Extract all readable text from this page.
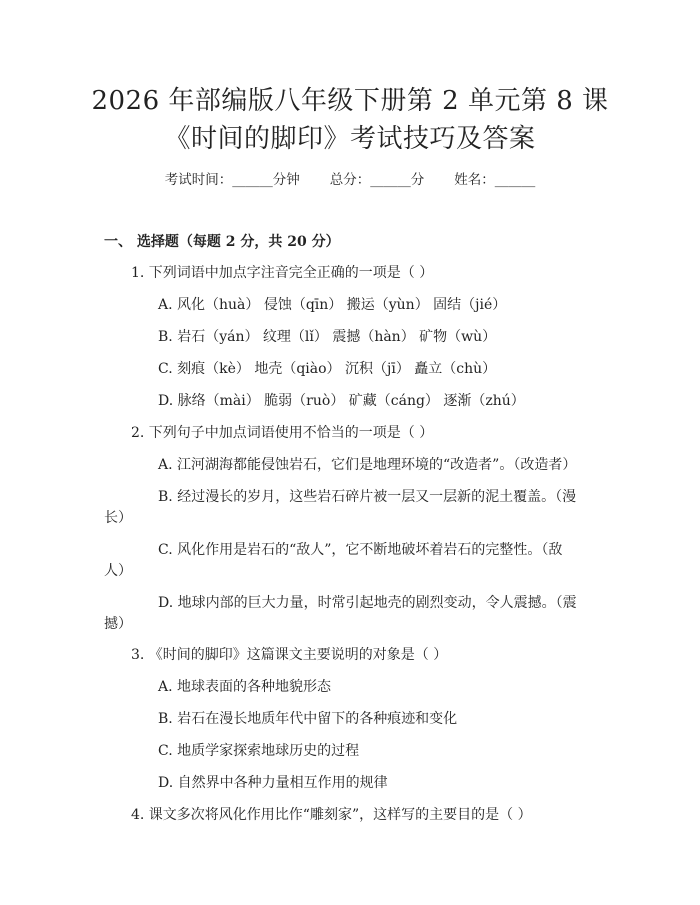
2026 年部编版八年级下册第 2 单元第 8 课
《时间的脚印》考试技巧及答案
考试时间：______分钟 总分：______分 姓名：______
一、 选择题（每题 2 分，共 20 分）
1. 下列词语中加点字注音完全正确的一项是（ ）
A. 风化（huà） 侵蚀（qīn） 搬运（yùn） 固结（jié）
B. 岩石（yán） 纹理（lǐ） 震撼（hàn） 矿物（wù）
C. 刻痕（kè） 地壳（qiào） 沉积（jī） 矗立（chù）
D. 脉络（mài） 脆弱（ruò） 矿藏（cáng） 逐渐（zhú）
2. 下列句子中加点词语使用不恰当的一项是（ ）
A. 江河湖海都能侵蚀岩石，它们是地理环境的“改造者”。（改造者）
B. 经过漫长的岁月，这些岩石碎片被一层又一层新的泥土覆盖。（漫
长）
C. 风化作用是岩石的“敌人”，它不断地破坏着岩石的完整性。（敌
人）
D. 地球内部的巨大力量，时常引起地壳的剧烈变动，令人震撼。（震
撼）
3. 《时间的脚印》这篇课文主要说明的对象是（ ）
A. 地球表面的各种地貌形态
B. 岩石在漫长地质年代中留下的各种痕迹和变化
C. 地质学家探索地球历史的过程
D. 自然界中各种力量相互作用的规律
4. 课文多次将风化作用比作“雕刻家”，这样写的主要目的是（ ）
